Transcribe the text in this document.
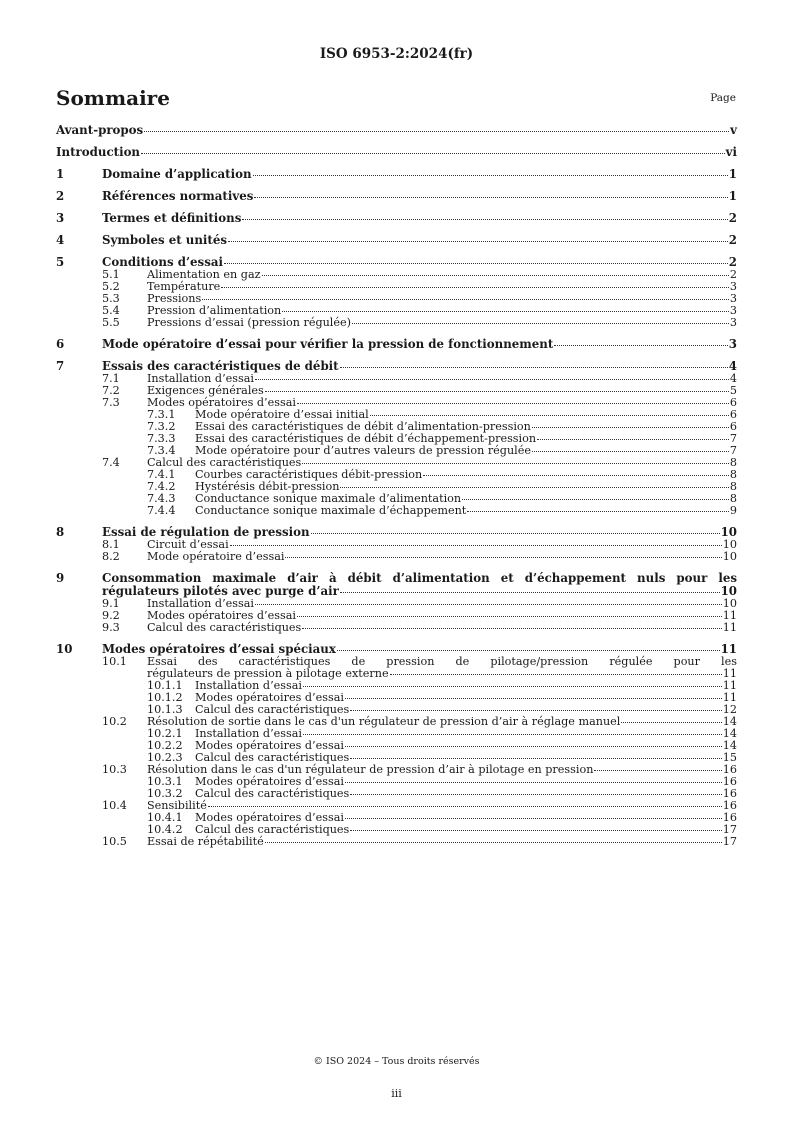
ISO 6953-2:2024(fr)
Sommaire	Page
Avant-propos	v
Introduction	vi
1	Domaine d’application	1
2	Références normatives	1
3	Termes et définitions	2
4	Symboles et unités	2
5	Conditions d’essai	2
5.1	Alimentation en gaz	2
5.2	Température	3
5.3	Pressions	3
5.4	Pression d’alimentation	3
5.5	Pressions d’essai (pression régulée)	3
6	Mode opératoire d’essai pour vérifier la pression de fonctionnement	3
7	Essais des caractéristiques de débit	4
7.1	Installation d’essai	4
7.2	Exigences générales	5
7.3	Modes opératoires d’essai	6
7.3.1	Mode opératoire d’essai initial	6
7.3.2	Essai des caractéristiques de débit d’alimentation-pression	6
7.3.3	Essai des caractéristiques de débit d’échappement-pression	7
7.3.4	Mode opératoire pour d’autres valeurs de pression régulée	7
7.4	Calcul des caractéristiques	8
7.4.1	Courbes caractéristiques débit-pression	8
7.4.2	Hystérésis débit-pression	8
7.4.3	Conductance sonique maximale d’alimentation	8
7.4.4	Conductance sonique maximale d’échappement	9
8	Essai de régulation de pression	10
8.1	Circuit d’essai	10
8.2	Mode opératoire d’essai	10
9	Consommation maximale d’air à débit d’alimentation et d’échappement nuls pour les
régulateurs pilotés avec purge d’air	10
9.1	Installation d’essai	10
9.2	Modes opératoires d’essai	11
9.3	Calcul des caractéristiques	11
10	Modes opératoires d’essai spéciaux	11
10.1	Essai des caractéristiques de pression de pilotage/pression régulée pour les
régulateurs de pression à pilotage externe	11
10.1.1	Installation d’essai	11
10.1.2	Modes opératoires d’essai	11
10.1.3	Calcul des caractéristiques	12
10.2	Résolution de sortie dans le cas d'un régulateur de pression d’air à réglage manuel	14
10.2.1	Installation d’essai	14
10.2.2	Modes opératoires d’essai	14
10.2.3	Calcul des caractéristiques	15
10.3	Résolution dans le cas d'un régulateur de pression d’air à pilotage en pression	16
10.3.1	Modes opératoires d’essai	16
10.3.2	Calcul des caractéristiques	16
10.4	Sensibilité	16
10.4.1	Modes opératoires d’essai	16
10.4.2	Calcul des caractéristiques	17
10.5	Essai de répétabilité	17
© ISO 2024 – Tous droits réservés
iii
